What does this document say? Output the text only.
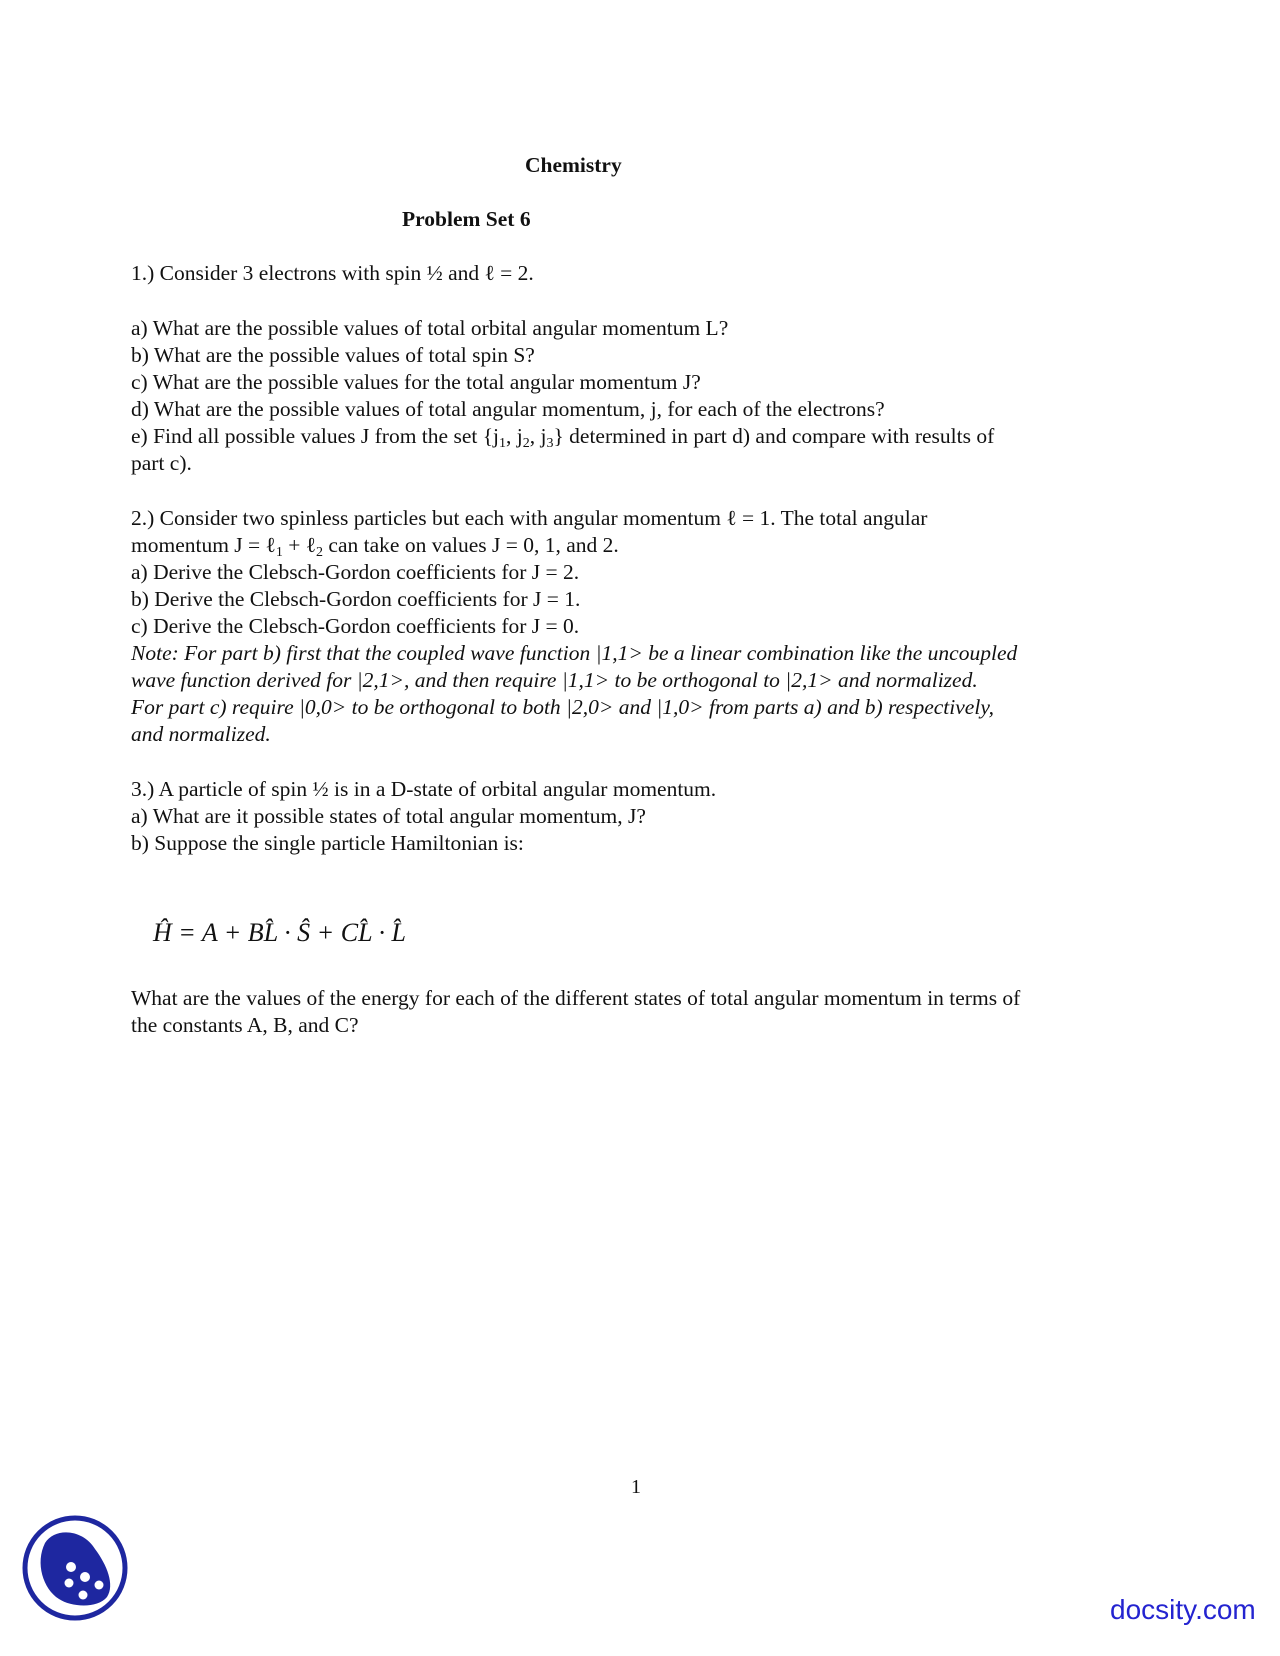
Chemistry
Problem Set 6
1.) Consider 3 electrons with spin ½ and ℓ = 2.
a) What are the possible values of total orbital angular momentum L?
b) What are the possible values of total spin S?
c) What are the possible values for the total angular momentum J?
d) What are the possible values of total angular momentum, j, for each of the electrons?
e) Find all possible values J from the set {$j_1$, $j_2$, $j_3$} determined in part d) and compare with results of
part c).
2.) Consider two spinless particles but each with angular momentum ℓ = 1. The total angular
momentum J = ℓ$_1$ + ℓ$_2$ can take on values J = 0, 1, and 2.
a) Derive the Clebsch-Gordon coefficients for J = 2.
b) Derive the Clebsch-Gordon coefficients for J = 1.
c) Derive the Clebsch-Gordon coefficients for J = 0.
Note: For part b) first that the coupled wave function |1,1> be a linear combination like the uncoupled
wave function derived for |2,1>, and then require |1,1> to be orthogonal to |2,1> and normalized.
For part c) require |0,0> to be orthogonal to both |2,0> and |1,0> from parts a) and b) respectively,
and normalized.
3.) A particle of spin ½ is in a D-state of orbital angular momentum.
a) What are it possible states of total angular momentum, J?
b) Suppose the single particle Hamiltonian is:
Ĥ = A + BL̂ · Ŝ + CL̂ · L̂
What are the values of the energy for each of the different states of total angular momentum in terms of
the constants A, B, and C?
1
docsity.com
